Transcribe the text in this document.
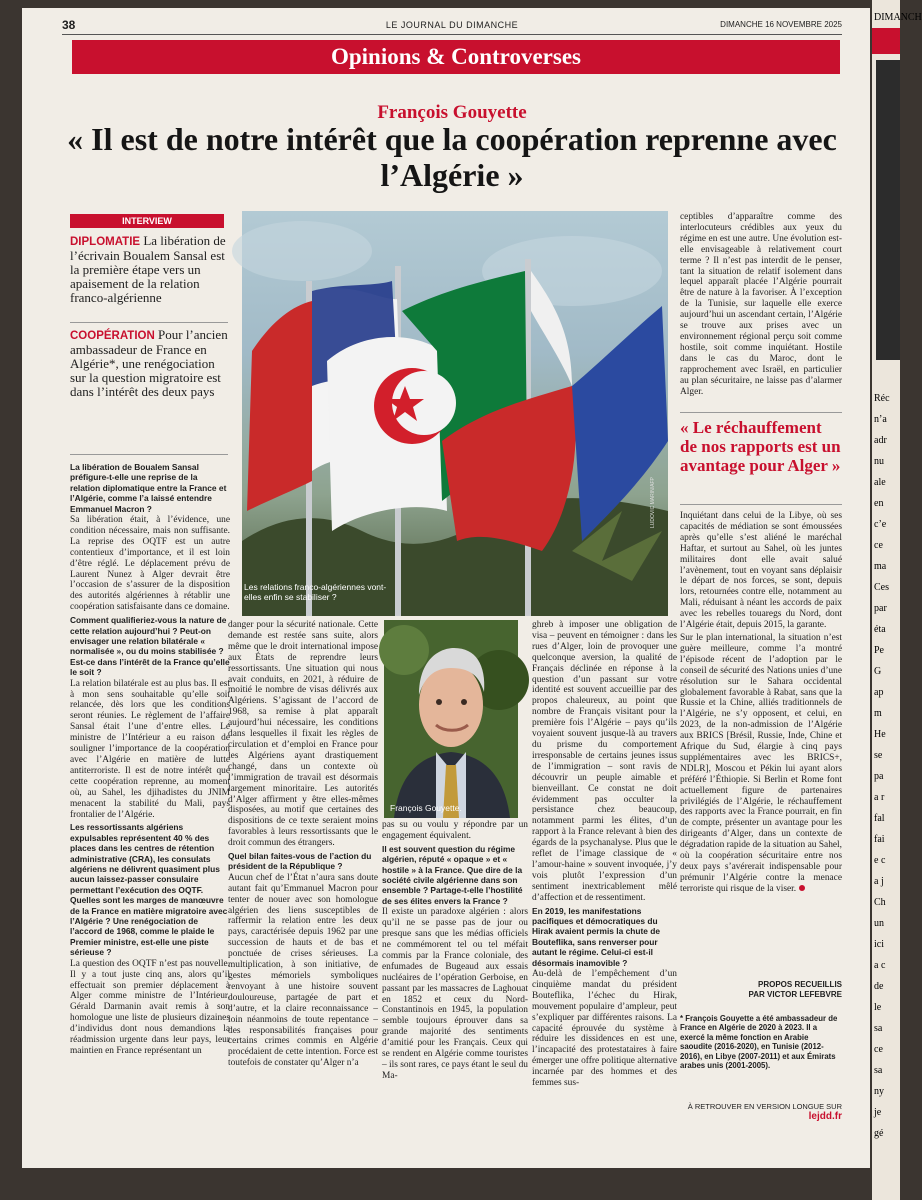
DIMANCH
Réc
n’a
adr
nu
ale
en
c’e
ce
ma
Ces
par
éta
Pe
G
ap
m
He
se
pa
a r
fal
fai
e c
a j
Ch
un
ici
a c
de
le
sa
ce
sa
ny
je
gé
38	LE JOURNAL DU DIMANCHE	DIMANCHE 16 NOVEMBRE 2025
Opinions & Controverses
François Gouyette
« Il est de notre intérêt que la coopération reprenne avec l’Algérie »
INTERVIEW
DIPLOMATIE La libération de l’écrivain Boualem Sansal est la première étape vers un apaisement de la relation franco-algérienne
COOPÉRATION Pour l’ancien ambassadeur de France en Algérie*, une renégociation sur la question migratoire est dans l’intérêt des deux pays
La libération de Boualem Sansal préfigure-t-elle une reprise de la relation diplomatique entre la France et l’Algérie, comme l’a laissé entendre Emmanuel Macron ?

Sa libération était, à l’évidence, une condition nécessaire, mais non suffisante. La reprise des OQTF est un autre contentieux d’importance, et il est loin d’être réglé. Le déplacement prévu de Laurent Nunez à Alger devrait être l’occasion de s’assurer de la disposition des autorités algériennes à rétablir une coopération satisfaisante dans ce domaine.

Comment qualifieriez-vous la nature de cette relation aujourd’hui ? Peut-on envisager une relation bilatérale « normalisée », ou du moins stabilisée ? Est-ce dans l’intérêt de la France qu’elle le soit ?

La relation bilatérale est au plus bas. Il est à mon sens souhaitable qu’elle soit relancée, dès lors que les conditions seront réunies. Le règlement de l’affaire Sansal était l’une d’entre elles. Le ministre de l’Intérieur a eu raison de souligner l’importance de la coopération avec l’Algérie en matière de lutte antiterroriste. Il est de notre intérêt que cette coopération reprenne, au moment où, au Sahel, les djihadistes du JNIM menacent la stabilité du Mali, pays frontalier de l’Algérie.

Les ressortissants algériens expulsables représentent 40 % des places dans les centres de rétention administrative (CRA), les consulats algériens ne délivrent quasiment plus aucun laissez-passer consulaire permettant l’exécution des OQTF. Quelles sont les marges de manœuvre de la France en matière migratoire avec l’Algérie ? Une renégociation de l’accord de 1968, comme le plaide le Premier ministre, est-elle une piste sérieuse ?

La question des OQTF n’est pas nouvelle. Il y a tout juste cinq ans, alors qu’il effectuait son premier déplacement à Alger comme ministre de l’Intérieur, Gérald Darmanin avait remis à son homologue une liste de plusieurs dizaines d’individus dont nous demandions la réadmission urgente dans leur pays, leur maintien en France représentant un

Les relations franco-algériennes vont-elles enfin se stabiliser ?
LUDOVIC MARIN/AFP

danger pour la sécurité nationale. Cette demande est restée sans suite, alors même que le droit international impose aux États de reprendre leurs ressortissants. Une situation qui nous avait conduits, en 2021, à réduire de moitié le nombre de visas délivrés aux Algériens. S’agissant de l’accord de 1968, sa remise à plat apparaît aujourd’hui nécessaire, les conditions dans lesquelles il fixait les règles de circulation et d’emploi en France pour les Algériens ayant drastiquement changé, dans un contexte où l’immigration de travail est désormais largement minoritaire. Les autorités d’Alger affirment y être elles-mêmes disposées, au motif que certaines des dispositions de ce texte seraient moins favorables à leurs ressortissants que le droit commun des étrangers.

Quel bilan faites-vous de l’action du président de la République ?

Aucun chef de l’État n’aura sans doute autant fait qu’Emmanuel Macron pour tenter de nouer avec son homologue algérien des liens susceptibles de raffermir la relation entre les deux pays, caractérisée depuis 1962 par une succession de hauts et de bas et ponctuée de crises sérieuses. La multiplication, à son initiative, de gestes mémoriels symboliques renvoyant à une histoire souvent douloureuse, partagée de part et d’autre, et la claire reconnaissance – loin néanmoins de toute repentance – des responsabilités françaises pour certains crimes commis en Algérie procédaient de cette intention. Force est toutefois de constater qu’Alger n’a

François Gouyette.

pas su ou voulu y répondre par un engagement équivalent.

Il est souvent question du régime algérien, réputé « opaque » et « hostile » à la France. Que dire de la société civile algérienne dans son ensemble ? Partage-t-elle l’hostilité de ses élites envers la France ?

Il existe un paradoxe algérien : alors qu’il ne se passe pas de jour ou presque sans que les médias officiels ne commémorent tel ou tel méfait commis par la France coloniale, des enfumades de Bugeaud aux essais nucléaires de l’opération Gerboise, en passant par les massacres de Laghouat en 1852 et ceux du Nord-Constantinois en 1945, la population semble toujours éprouver dans sa grande majorité des sentiments d’amitié pour les Français. Ceux qui se rendent en Algérie comme touristes – ils sont rares, ce pays étant le seul du Ma-

ghreb à imposer une obligation de visa – peuvent en témoigner : dans les rues d’Alger, loin de provoquer une quelconque aversion, la qualité de Français déclinée en réponse à la question d’un passant sur votre identité est souvent accueillie par des propos chaleureux, au point que nombre de Français visitant pour la première fois l’Algérie – pays qu’ils voyaient souvent jusque-là au travers du prisme du comportement irresponsable de certains jeunes issus de l’immigration – sont ravis de découvrir un peuple aimable et bienveillant. Ce constat ne doit évidemment pas occulter la persistance chez beaucoup, notamment parmi les élites, d’un rapport à la France relevant à bien des égards de la psychanalyse. Plus que le reflet de l’image classique de « l’amour-haine » souvent invoquée, j’y vois plutôt l’expression d’un sentiment inextricablement mêlé d’affection et de ressentiment.

En 2019, les manifestations pacifiques et démocratiques du Hirak avaient permis la chute de Bouteflika, sans renverser pour autant le régime. Celui-ci est-il désormais inamovible ?

Au-delà de l’empêchement d’un cinquième mandat du président Bouteflika, l’échec du Hirak, mouvement populaire d’ampleur, peut s’expliquer par différentes raisons. La capacité éprouvée du système à réduire les dissidences en est une, l’incapacité des protestataires à faire émerger une offre politique alternative incarnée par des hommes et des femmes sus-

ceptibles d’apparaître comme des interlocuteurs crédibles aux yeux du régime en est une autre. Une évolution est-elle envisageable à relativement court terme ? Il n’est pas interdit de le penser, tant la situation de relatif isolement dans lequel apparaît placée l’Algérie pourrait être de nature à la favoriser. À l’exception de la Tunisie, sur laquelle elle exerce aujourd’hui un ascendant certain, l’Algérie se trouve aux prises avec un environnement régional perçu soit comme hostile, soit comme inquiétant. Hostile dans le cas du Maroc, dont le rapprochement avec Israël, en particulier au plan sécuritaire, ne laisse pas d’alarmer Alger.

« Le réchauffement de nos rapports est un avantage pour Alger »

Inquiétant dans celui de la Libye, où ses capacités de médiation se sont émoussées après qu’elle s’est aliéné le maréchal Haftar, et surtout au Sahel, où les juntes militaires dont elle avait salué l’avènement, tout en voyant sans déplaisir le départ de nos forces, se sont, depuis lors, retournées contre elle, notamment au Mali, réduisant à néant les accords de paix avec les rebelles touaregs du Nord, dont l’Algérie était, depuis 2015, la garante.

Sur le plan international, la situation n’est guère meilleure, comme l’a montré l’épisode récent de l’adoption par le conseil de sécurité des Nations unies d’une résolution sur le Sahara occidental globalement favorable à Rabat, sans que la Russie et la Chine, alliés traditionnels de l’Algérie, ne s’y opposent, et celui, en 2023, de la non-admission de l’Algérie aux BRICS [Brésil, Russie, Inde, Chine et Afrique du Sud, élargie à cinq pays supplémentaires avec les BRICS+, NDLR], Moscou et Pékin lui ayant alors préféré l’Éthiopie. Si Berlin et Rome font actuellement figure de partenaires privilégiés de l’Algérie, le réchauffement des rapports avec la France pourrait, en fin de compte, présenter un avantage pour les dirigeants d’Alger, dans un contexte de dégradation rapide de la situation au Sahel, où la coopération sécuritaire entre nos deux pays s’avérerait indispensable pour prémunir l’Algérie contre la menace terroriste qui risque de la viser.

PROPOS RECUEILLIS
PAR VICTOR LEFEBVRE
* François Gouyette a été ambassadeur de France en Algérie de 2020 à 2023. Il a exercé la même fonction en Arabie saoudite (2016-2020), en Tunisie (2012-2016), en Libye (2007-2011) et aux Émirats arabes unis (2001-2005).
À RETROUVER EN VERSION LONGUE SUR
lejdd.fr
